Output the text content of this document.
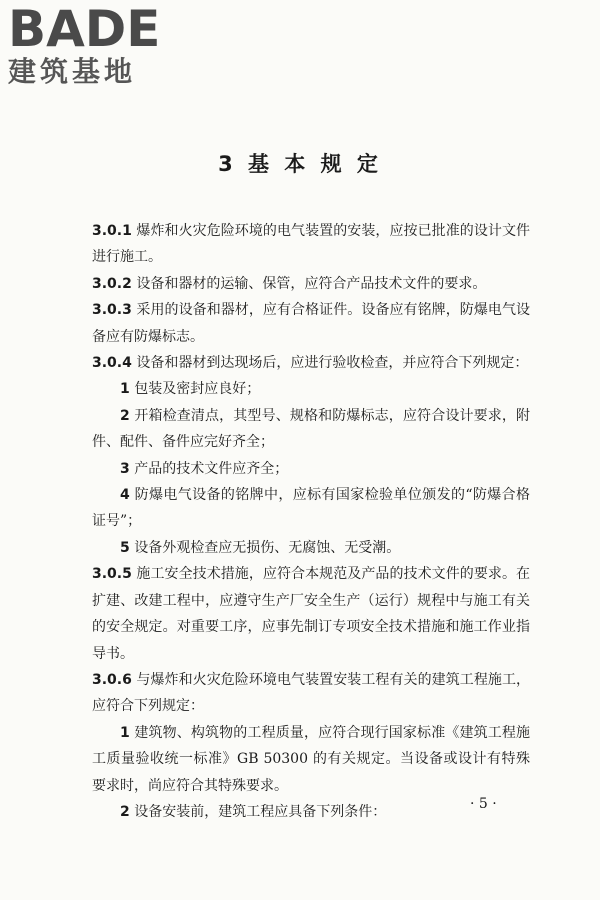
BADE
建筑基地
3 基 本 规 定

3.0.1 爆炸和火灾危险环境的电气装置的安装，应按已批准的设计文件进行施工。

3.0.2 设备和器材的运输、保管，应符合产品技术文件的要求。

3.0.3 采用的设备和器材，应有合格证件。设备应有铭牌，防爆电气设备应有防爆标志。

3.0.4 设备和器材到达现场后，应进行验收检查，并应符合下列规定：

1 包装及密封应良好；

2 开箱检查清点，其型号、规格和防爆标志，应符合设计要求，附件、配件、备件应完好齐全；

3 产品的技术文件应齐全；

4 防爆电气设备的铭牌中，应标有国家检验单位颁发的“防爆合格证号”；

5 设备外观检查应无损伤、无腐蚀、无受潮。

3.0.5 施工安全技术措施，应符合本规范及产品的技术文件的要求。在扩建、改建工程中，应遵守生产厂安全生产（运行）规程中与施工有关的安全规定。对重要工序，应事先制订专项安全技术措施和施工作业指导书。

3.0.6 与爆炸和火灾危险环境电气装置安装工程有关的建筑工程施工，应符合下列规定：

1 建筑物、构筑物的工程质量，应符合现行国家标准《建筑工程施工质量验收统一标准》GB 50300 的有关规定。当设备或设计有特殊要求时，尚应符合其特殊要求。

2 设备安装前，建筑工程应具备下列条件：	· 5 ·
